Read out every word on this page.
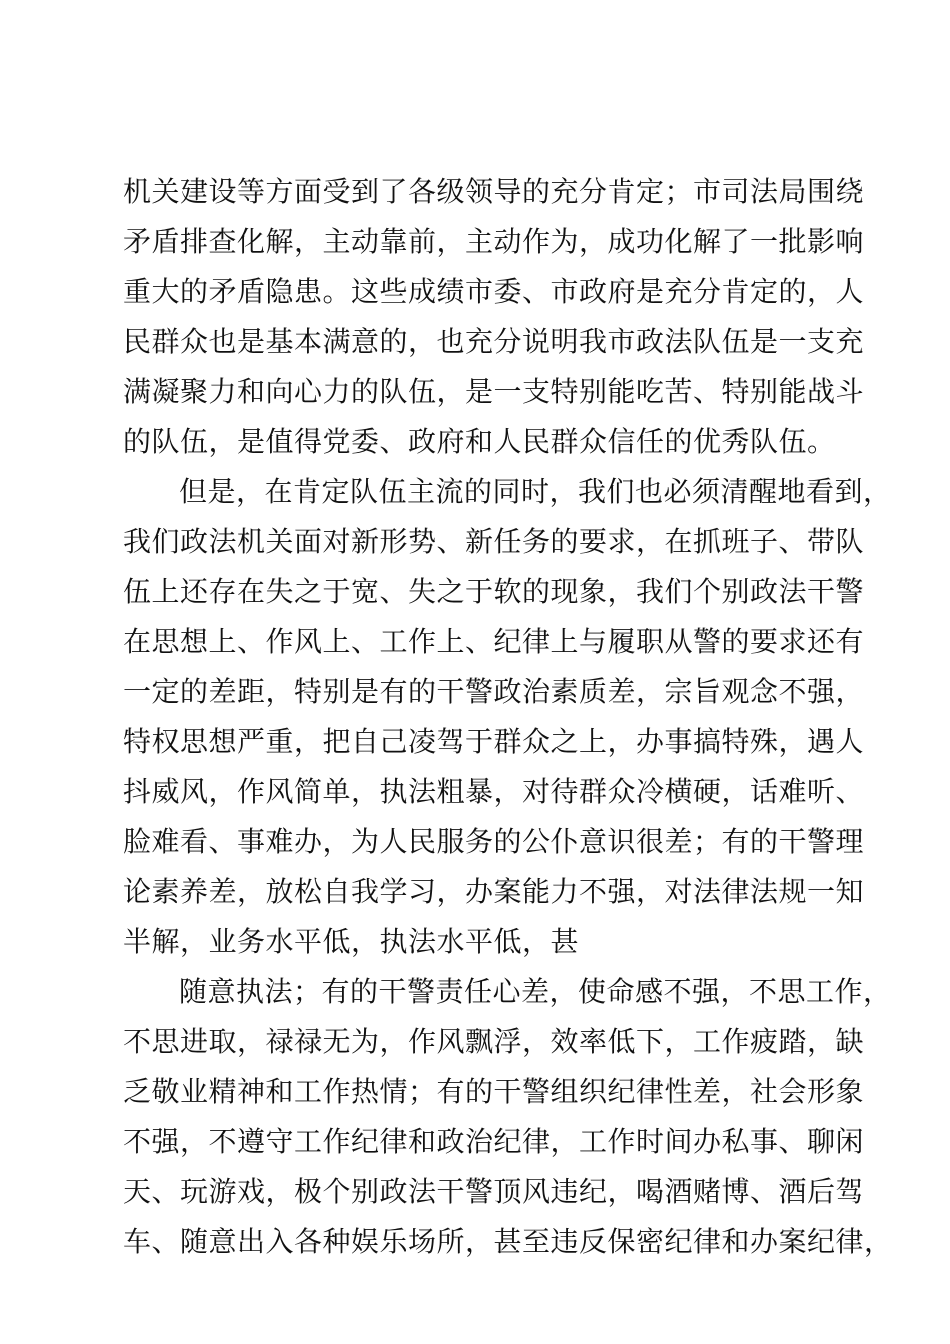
机关建设等方面受到了各级领导的充分肯定；市司法局围绕
矛盾排查化解，主动靠前，主动作为，成功化解了一批影响
重大的矛盾隐患。这些成绩市委、市政府是充分肯定的，人
民群众也是基本满意的，也充分说明我市政法队伍是一支充
满凝聚力和向心力的队伍，是一支特别能吃苦、特别能战斗
的队伍，是值得党委、政府和人民群众信任的优秀队伍。
但是，在肯定队伍主流的同时，我们也必须清醒地看到，
我们政法机关面对新形势、新任务的要求，在抓班子、带队
伍上还存在失之于宽、失之于软的现象，我们个别政法干警
在思想上、作风上、工作上、纪律上与履职从警的要求还有
一定的差距，特别是有的干警政治素质差，宗旨观念不强，
特权思想严重，把自己凌驾于群众之上，办事搞特殊，遇人
抖威风，作风简单，执法粗暴，对待群众冷横硬，话难听、
脸难看、事难办，为人民服务的公仆意识很差；有的干警理
论素养差，放松自我学习，办案能力不强，对法律法规一知
半解，业务水平低，执法水平低，甚
随意执法；有的干警责任心差，使命感不强，不思工作，
不思进取，禄禄无为，作风飘浮，效率低下，工作疲踏，缺
乏敬业精神和工作热情；有的干警组织纪律性差，社会形象
不强，不遵守工作纪律和政治纪律，工作时间办私事、聊闲
天、玩游戏，极个别政法干警顶风违纪，喝酒赌博、酒后驾
车、随意出入各种娱乐场所，甚至违反保密纪律和办案纪律，
